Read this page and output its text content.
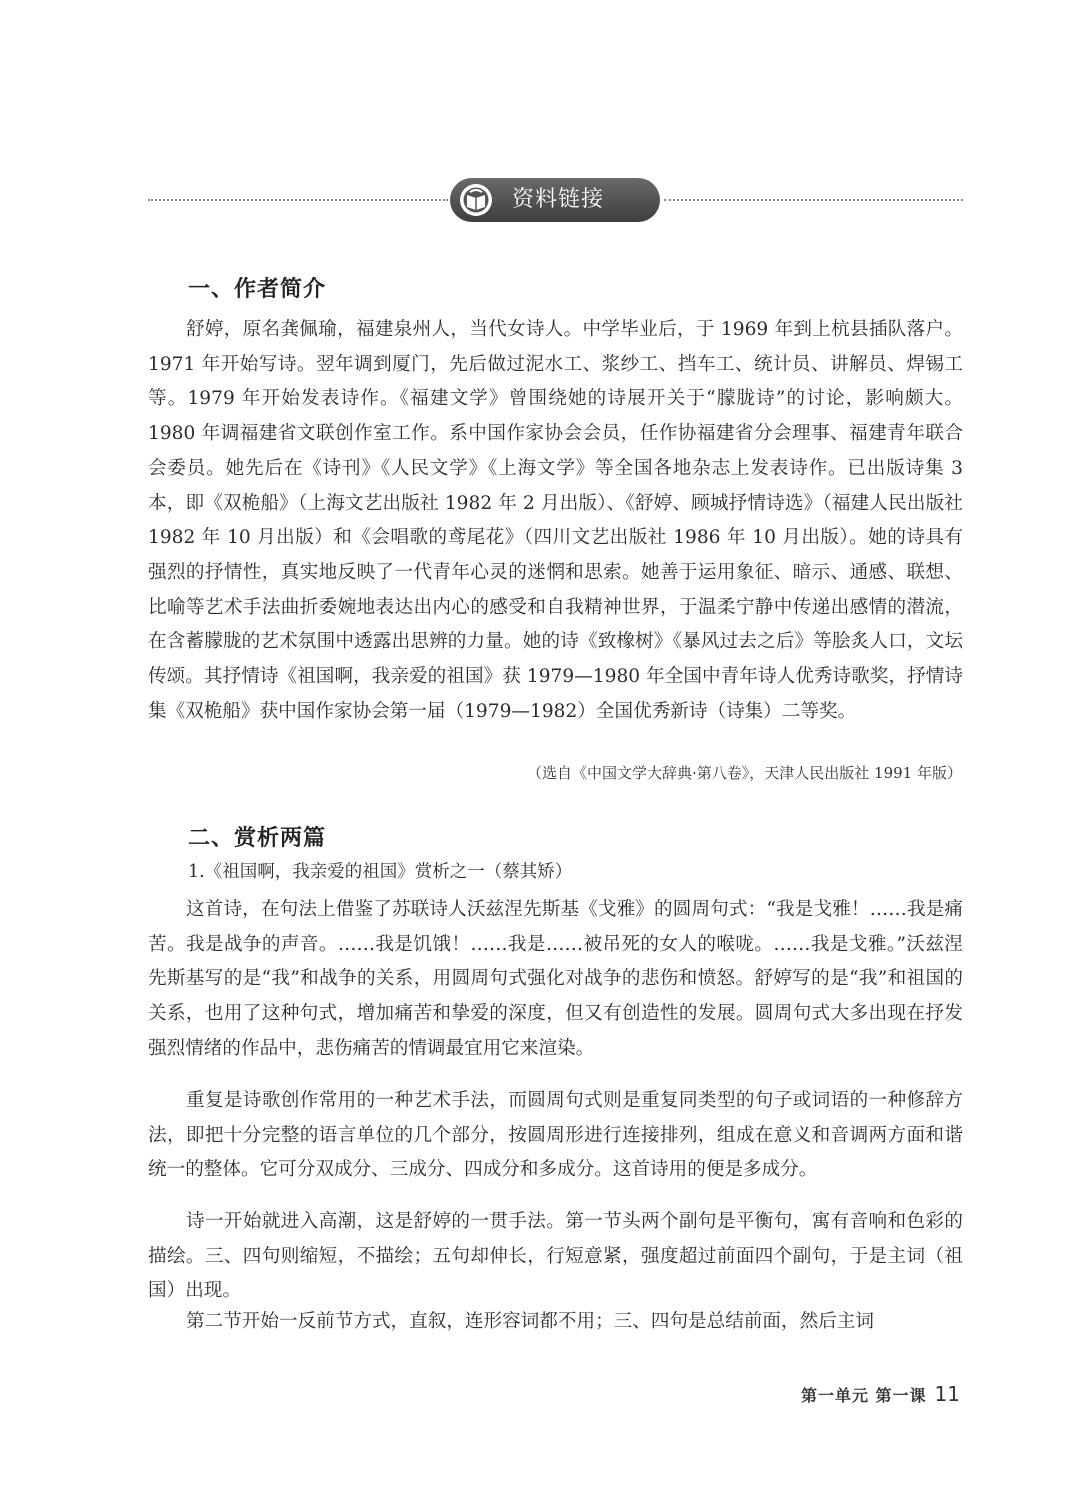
资料链接
一、作者简介

舒婷，原名龚佩瑜，福建泉州人，当代女诗人。中学毕业后，于 1969 年到上杭县插队落户。1971 年开始写诗。翌年调到厦门，先后做过泥水工、浆纱工、挡车工、统计员、讲解员、焊锡工等。1979 年开始发表诗作。《福建文学》曾围绕她的诗展开关于“朦胧诗”的讨论，影响颇大。1980 年调福建省文联创作室工作。系中国作家协会会员，任作协福建省分会理事、福建青年联合会委员。她先后在《诗刊》《人民文学》《上海文学》等全国各地杂志上发表诗作。已出版诗集 3 本，即《双桅船》（上海文艺出版社 1982 年 2 月出版）、《舒婷、顾城抒情诗选》（福建人民出版社 1982 年 10 月出版）和《会唱歌的鸢尾花》（四川文艺出版社 1986 年 10 月出版）。她的诗具有强烈的抒情性，真实地反映了一代青年心灵的迷惘和思索。她善于运用象征、暗示、通感、联想、比喻等艺术手法曲折委婉地表达出内心的感受和自我精神世界，于温柔宁静中传递出感情的潜流，在含蓄朦胧的艺术氛围中透露出思辨的力量。她的诗《致橡树》《暴风过去之后》等脍炙人口，文坛传颂。其抒情诗《祖国啊，我亲爱的祖国》获 1979—1980 年全国中青年诗人优秀诗歌奖，抒情诗集《双桅船》获中国作家协会第一届（1979—1982）全国优秀新诗（诗集）二等奖。

（选自《中国文学大辞典·第八卷》，天津人民出版社 1991 年版）

二、赏析两篇

1.《祖国啊，我亲爱的祖国》赏析之一（蔡其矫）

这首诗，在句法上借鉴了苏联诗人沃兹涅先斯基《戈雅》的圆周句式：“我是戈雅！……我是痛苦。我是战争的声音。……我是饥饿！……我是……被吊死的女人的喉咙。……我是戈雅。”沃兹涅先斯基写的是“我”和战争的关系，用圆周句式强化对战争的悲伤和愤怒。舒婷写的是“我”和祖国的关系，也用了这种句式，增加痛苦和挚爱的深度，但又有创造性的发展。圆周句式大多出现在抒发强烈情绪的作品中，悲伤痛苦的情调最宜用它来渲染。

重复是诗歌创作常用的一种艺术手法，而圆周句式则是重复同类型的句子或词语的一种修辞方法，即把十分完整的语言单位的几个部分，按圆周形进行连接排列，组成在意义和音调两方面和谐统一的整体。它可分双成分、三成分、四成分和多成分。这首诗用的便是多成分。

诗一开始就进入高潮，这是舒婷的一贯手法。第一节头两个副句是平衡句，寓有音响和色彩的描绘。三、四句则缩短，不描绘；五句却伸长，行短意紧，强度超过前面四个副句，于是主词（祖国）出现。

第二节开始一反前节方式，直叙，连形容词都不用；三、四句是总结前面，然后主词

第一单元 第一课 11
